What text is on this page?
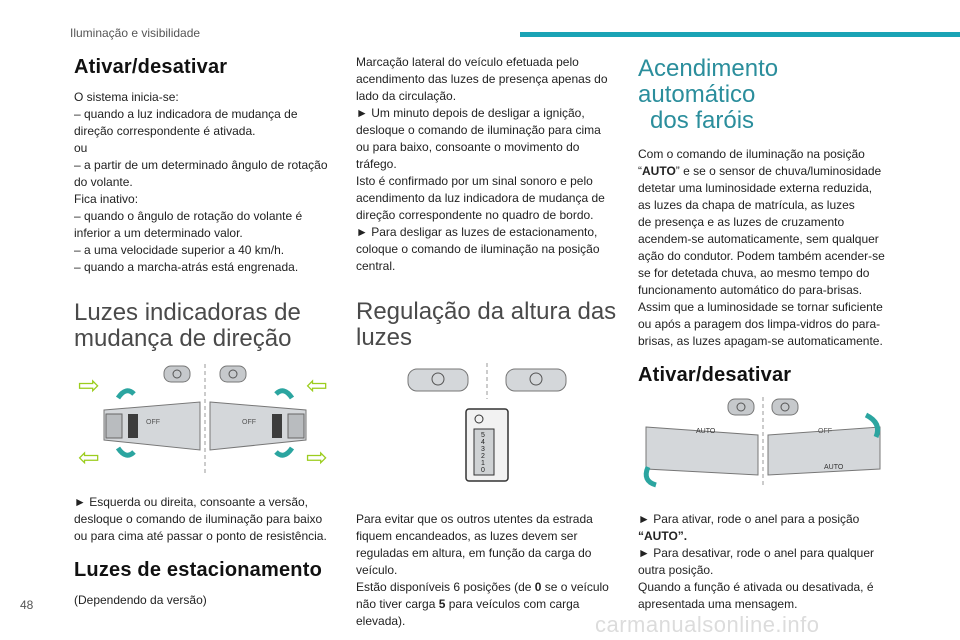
Iluminação e visibilidade
Ativar/desativar
O sistema inicia-se:
– quando a luz indicadora de mudança de
direção correspondente é ativada.
ou
– a partir de um determinado ângulo de rotação
do volante.
Fica inativo:
– quando o ângulo de rotação do volante é
inferior a um determinado valor.
– a uma velocidade superior a 40 km/h.
– quando a marcha-atrás está engrenada.
Luzes indicadoras de
mudança de direção
⇨
⇦
⇦
⇨
OFF	OFF
► Esquerda ou direita, consoante a versão,
desloque o comando de iluminação para baixo
ou para cima até passar o ponto de resistência.
Luzes de estacionamento
(Dependendo da versão)
Marcação lateral do veículo efetuada pelo
acendimento das luzes de presença apenas do
lado da circulação.
► Um minuto depois de desligar a ignição,
desloque o comando de iluminação para cima
ou para baixo, consoante o movimento do
tráfego.
Isto é confirmado por um sinal sonoro e pelo
acendimento da luz indicadora de mudança de
direção correspondente no quadro de bordo.
► Para desligar as luzes de estacionamento,
coloque o comando de iluminação na posição
central.
Regulação da altura das
luzes
5
4
3
2
1
0
Para evitar que os outros utentes da estrada
fiquem encandeados, as luzes devem ser
reguladas em altura, em função da carga do
veículo.
Estão disponíveis 6 posições (de 0 se o veículo
não tiver carga 5 para veículos com carga
elevada).
Acendimento automático
dos faróis
Com o comando de iluminação na posição
“AUTO” e se o sensor de chuva/luminosidade
detetar uma luminosidade externa reduzida,
as luzes da chapa de matrícula, as luzes
de presença e as luzes de cruzamento
acendem-se automaticamente, sem qualquer
ação do condutor. Podem também acender-se
se for detetada chuva, ao mesmo tempo do
funcionamento automático do para-brisas.
Assim que a luminosidade se tornar suficiente
ou após a paragem dos limpa-vidros do para-
brisas, as luzes apagam-se automaticamente.
Ativar/desativar
AUTO	OFF
AUTO
► Para ativar, rode o anel para a posição
“AUTO”.
► Para desativar, rode o anel para qualquer
outra posição.
Quando a função é ativada ou desativada, é
apresentada uma mensagem.
48
carmanualsonline.info
